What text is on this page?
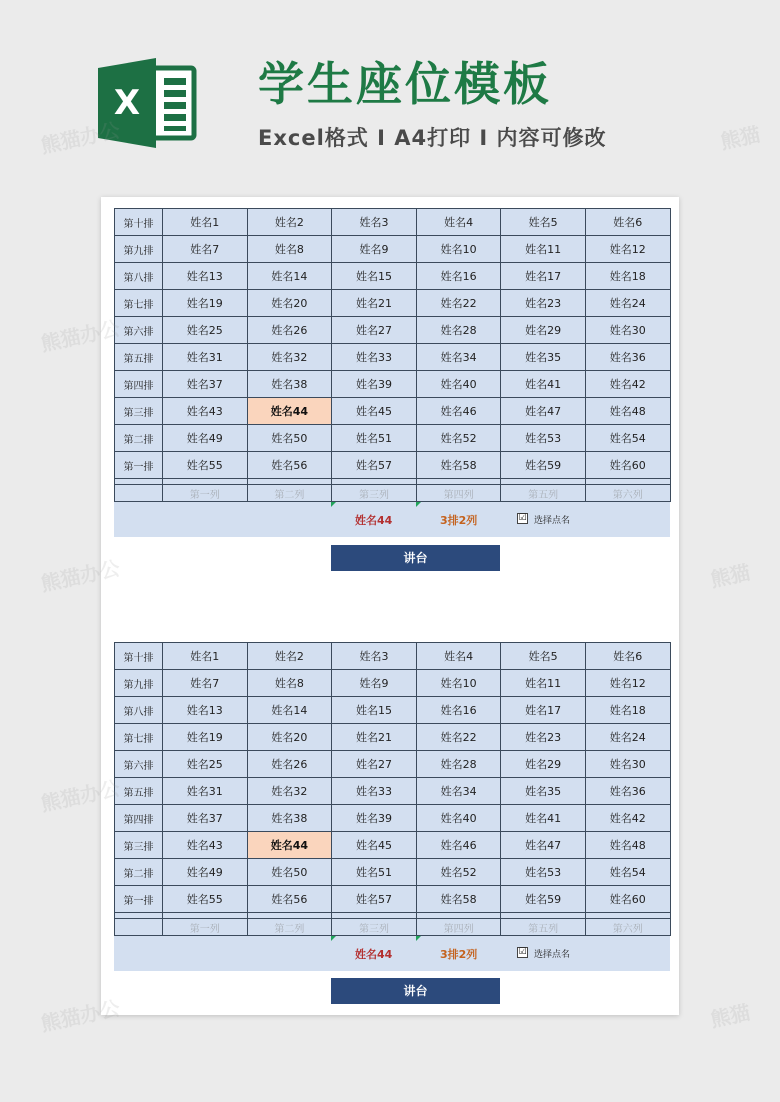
X	学生座位模板
Excel格式 I A4打印 I 内容可修改
第十排	姓名1	姓名2	姓名3	姓名4	姓名5	姓名6
第九排	姓名7	姓名8	姓名9	姓名10	姓名11	姓名12
第八排	姓名13	姓名14	姓名15	姓名16	姓名17	姓名18
第七排	姓名19	姓名20	姓名21	姓名22	姓名23	姓名24
第六排	姓名25	姓名26	姓名27	姓名28	姓名29	姓名30
第五排	姓名31	姓名32	姓名33	姓名34	姓名35	姓名36
第四排	姓名37	姓名38	姓名39	姓名40	姓名41	姓名42
第三排	姓名43	姓名44	姓名45	姓名46	姓名47	姓名48
第二排	姓名49	姓名50	姓名51	姓名52	姓名53	姓名54
第一排	姓名55	姓名56	姓名57	姓名58	姓名59	姓名60

	第一列	第二列	第三列	第四列	第五列	第六列
姓名44	3排2列	☑ 选择点名
讲台
第十排	姓名1	姓名2	姓名3	姓名4	姓名5	姓名6
第九排	姓名7	姓名8	姓名9	姓名10	姓名11	姓名12
第八排	姓名13	姓名14	姓名15	姓名16	姓名17	姓名18
第七排	姓名19	姓名20	姓名21	姓名22	姓名23	姓名24
第六排	姓名25	姓名26	姓名27	姓名28	姓名29	姓名30
第五排	姓名31	姓名32	姓名33	姓名34	姓名35	姓名36
第四排	姓名37	姓名38	姓名39	姓名40	姓名41	姓名42
第三排	姓名43	姓名44	姓名45	姓名46	姓名47	姓名48
第二排	姓名49	姓名50	姓名51	姓名52	姓名53	姓名54
第一排	姓名55	姓名56	姓名57	姓名58	姓名59	姓名60

	第一列	第二列	第三列	第四列	第五列	第六列
姓名44	3排2列	☑ 选择点名
讲台
熊猫办公	熊猫
熊猫办公
熊猫办公	熊猫
熊猫办公
熊猫办公	熊猫
